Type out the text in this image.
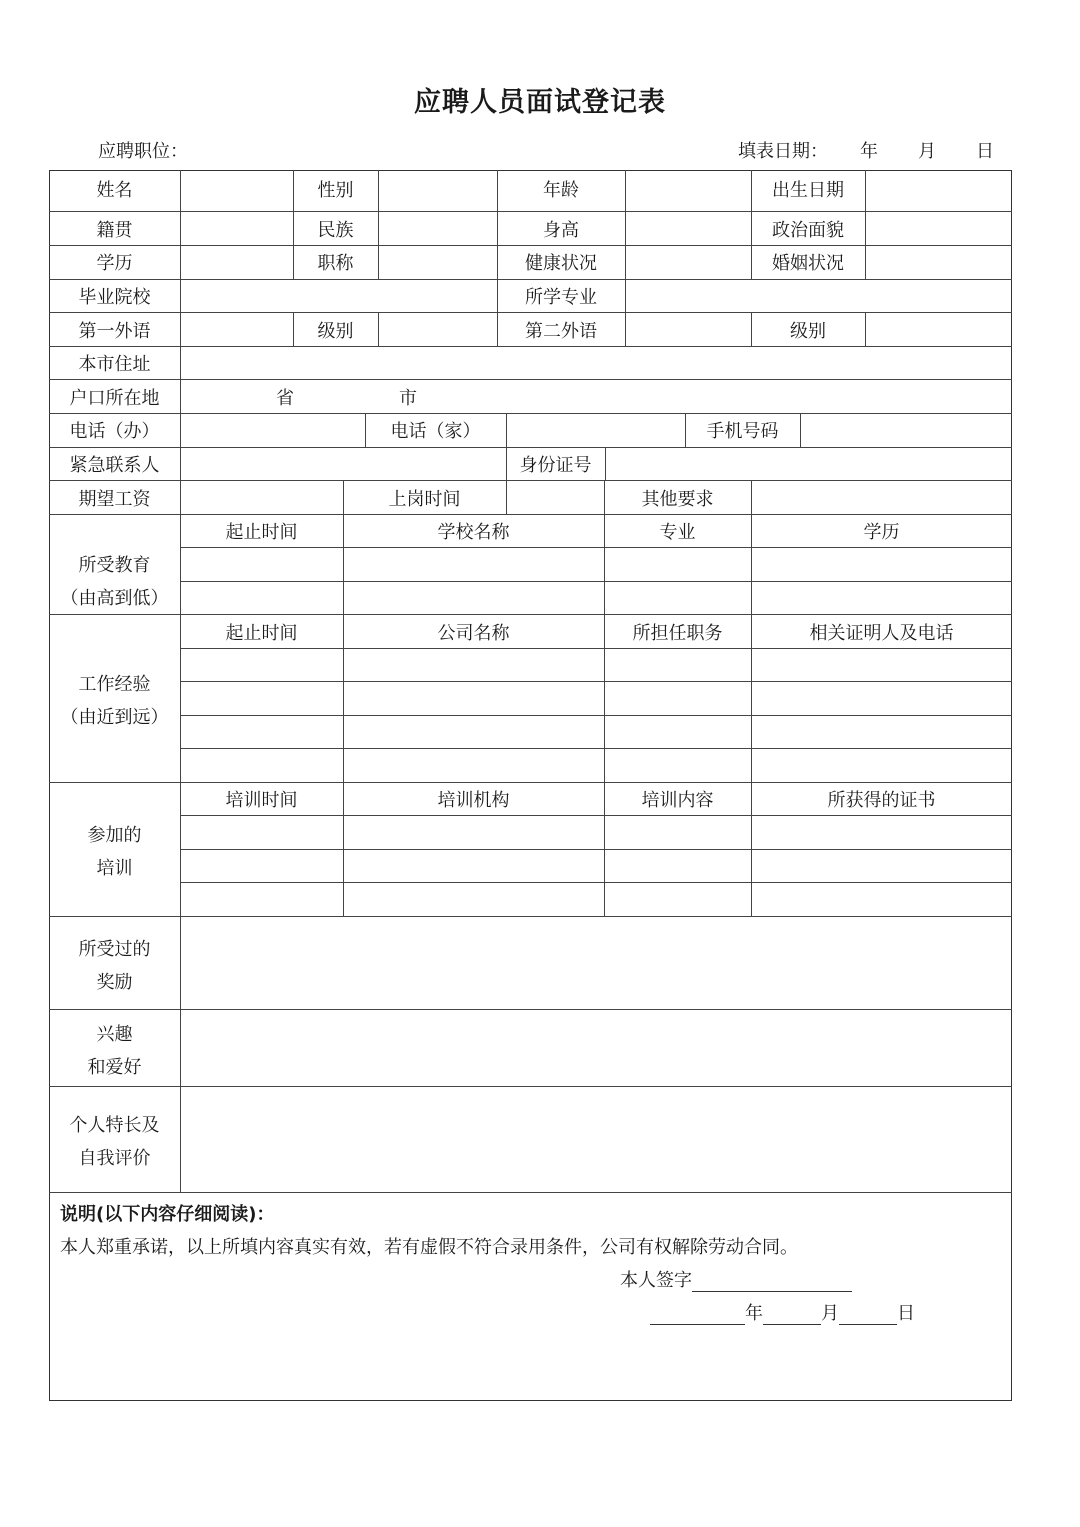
应聘人员面试登记表
应聘职位：	填表日期： 年 月 日
姓名	性别	年龄	出生日期
籍贯	民族	身高	政治面貌
学历	职称	健康状况	婚姻状况
毕业院校	所学专业
第一外语	级别	第二外语	级别
本市住址
户口所在地	省	市
电话（办）	电话（家）	手机号码
紧急联系人	身份证号
期望工资	上岗时间	其他要求
所受教育
（由高到低）
起止时间	学校名称	专业	学历
工作经验
（由近到远）
起止时间	公司名称	所担任职务	相关证明人及电话
参加的
培训
培训时间	培训机构	培训内容	所获得的证书
所受过的
奖励
兴趣
和爱好
个人特长及
自我评价
说明(以下内容仔细阅读)：
本人郑重承诺，以上所填内容真实有效，若有虚假不符合录用条件，公司有权解除劳动合同。
本人签字
年	月	日
